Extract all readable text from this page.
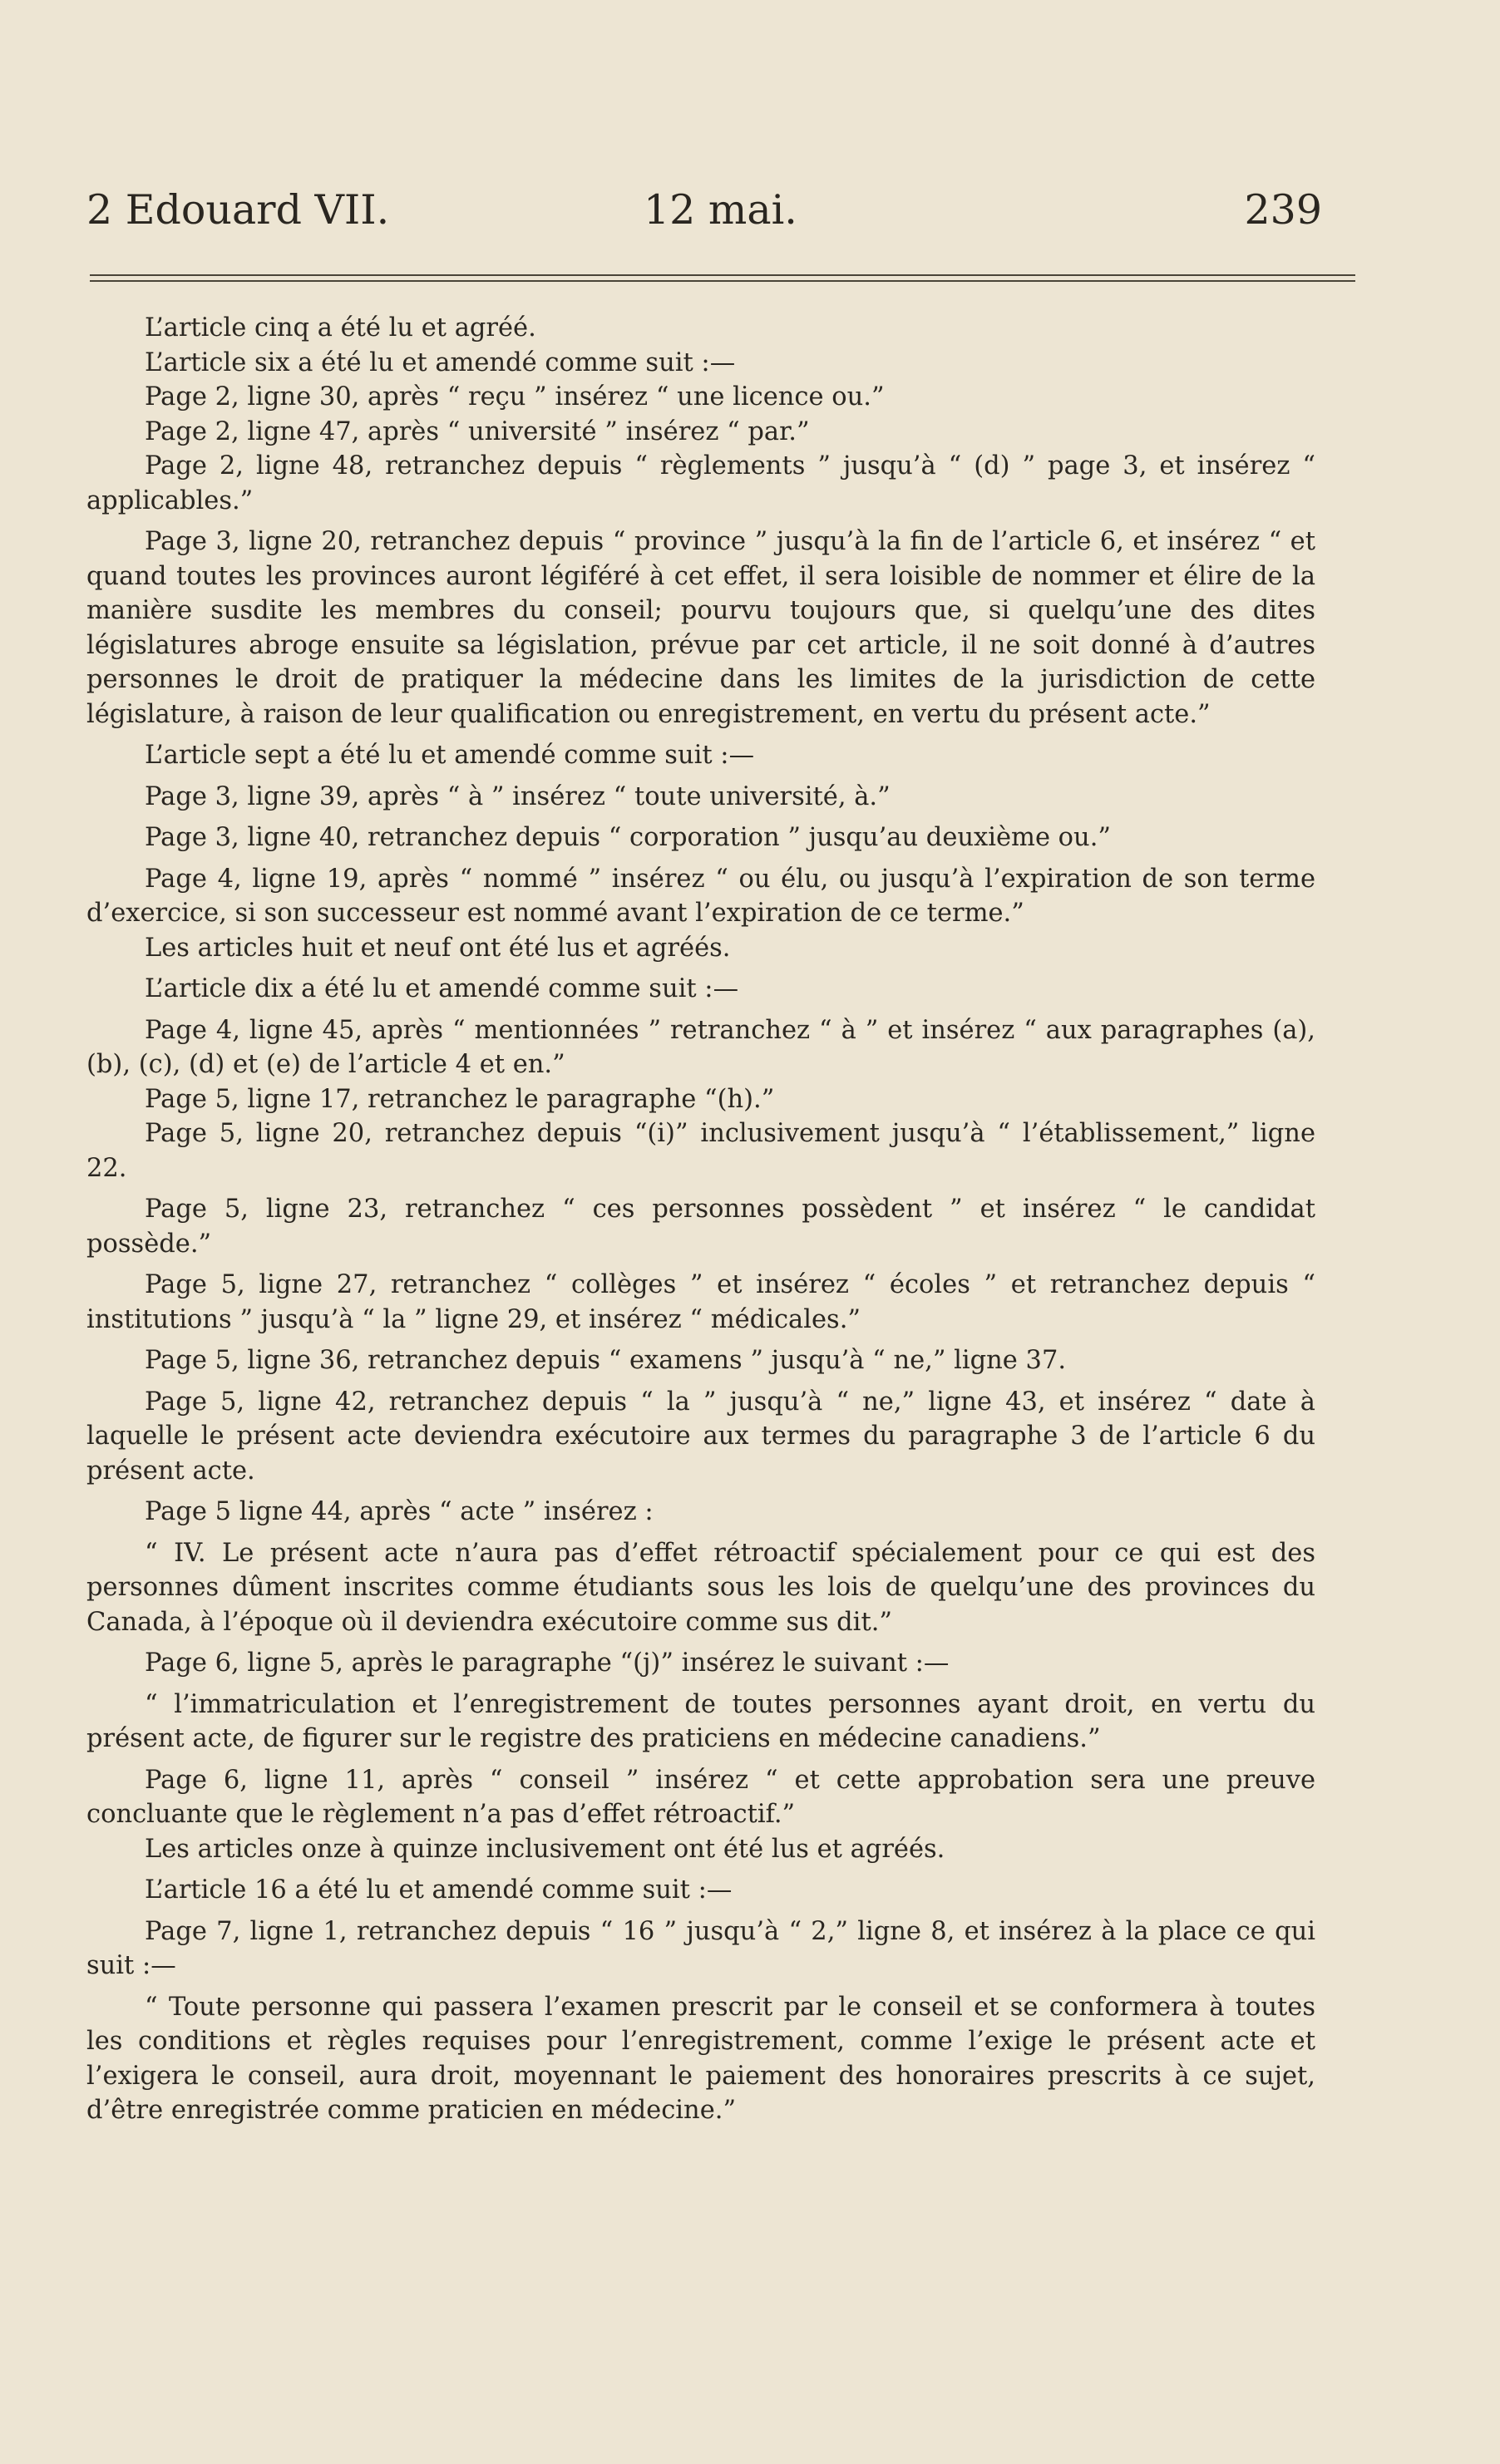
2 Edouard VII.	12 mai.	239

L’article cinq a été lu et agréé.

L’article six a été lu et amendé comme suit :—

Page 2, ligne 30, après “ reçu ” insérez “ une licence ou.”

Page 2, ligne 47, après “ université ” insérez “ par.”

Page 2, ligne 48, retranchez depuis “ règlements ” jusqu’à “ (d) ” page 3, et insérez “ applicables.”

Page 3, ligne 20, retranchez depuis “ province ” jusqu’à la fin de l’article 6, et insérez “ et quand toutes les provinces auront légiféré à cet effet, il sera loisible de nommer et élire de la manière susdite les membres du conseil; pourvu toujours que, si quelqu’une des dites législatures abroge ensuite sa législation, prévue par cet article, il ne soit donné à d’autres personnes le droit de pratiquer la médecine dans les limites de la jurisdiction de cette législature, à raison de leur qualification ou enregistrement, en vertu du présent acte.”

L’article sept a été lu et amendé comme suit :—

Page 3, ligne 39, après “ à ” insérez “ toute université, à.”

Page 3, ligne 40, retranchez depuis “ corporation ” jusqu’au deuxième ou.”

Page 4, ligne 19, après “ nommé ” insérez “ ou élu, ou jusqu’à l’expiration de son terme d’exercice, si son successeur est nommé avant l’expiration de ce terme.”

Les articles huit et neuf ont été lus et agréés.

L’article dix a été lu et amendé comme suit :—

Page 4, ligne 45, après “ mentionnées ” retranchez “ à ” et insérez “ aux paragraphes (a), (b), (c), (d) et (e) de l’article 4 et en.”

Page 5, ligne 17, retranchez le paragraphe “(h).”

Page 5, ligne 20, retranchez depuis “(i)” inclusivement jusqu’à “ l’établissement,” ligne 22.

Page 5, ligne 23, retranchez “ ces personnes possèdent ” et insérez “ le candidat possède.”

Page 5, ligne 27, retranchez “ collèges ” et insérez “ écoles ” et retranchez depuis “ institutions ” jusqu’à “ la ” ligne 29, et insérez “ médicales.”

Page 5, ligne 36, retranchez depuis “ examens ” jusqu’à “ ne,” ligne 37.

Page 5, ligne 42, retranchez depuis “ la ” jusqu’à “ ne,” ligne 43, et insérez “ date à laquelle le présent acte deviendra exécutoire aux termes du paragraphe 3 de l’article 6 du présent acte.

Page 5 ligne 44, après “ acte ” insérez :

“ IV. Le présent acte n’aura pas d’effet rétroactif spécialement pour ce qui est des personnes dûment inscrites comme étudiants sous les lois de quelqu’une des provinces du Canada, à l’époque où il deviendra exécutoire comme sus dit.”

Page 6, ligne 5, après le paragraphe “(j)” insérez le suivant :—

“ l’immatriculation et l’enregistrement de toutes personnes ayant droit, en vertu du présent acte, de figurer sur le registre des praticiens en médecine canadiens.”

Page 6, ligne 11, après “ conseil ” insérez “ et cette approbation sera une preuve concluante que le règlement n’a pas d’effet rétroactif.”

Les articles onze à quinze inclusivement ont été lus et agréés.

L’article 16 a été lu et amendé comme suit :—

Page 7, ligne 1, retranchez depuis “ 16 ” jusqu’à “ 2,” ligne 8, et insérez à la place ce qui suit :—

“ Toute personne qui passera l’examen prescrit par le conseil et se conformera à toutes les conditions et règles requises pour l’enregistrement, comme l’exige le présent acte et l’exigera le conseil, aura droit, moyennant le paiement des honoraires prescrits à ce sujet, d’être enregistrée comme praticien en médecine.”
